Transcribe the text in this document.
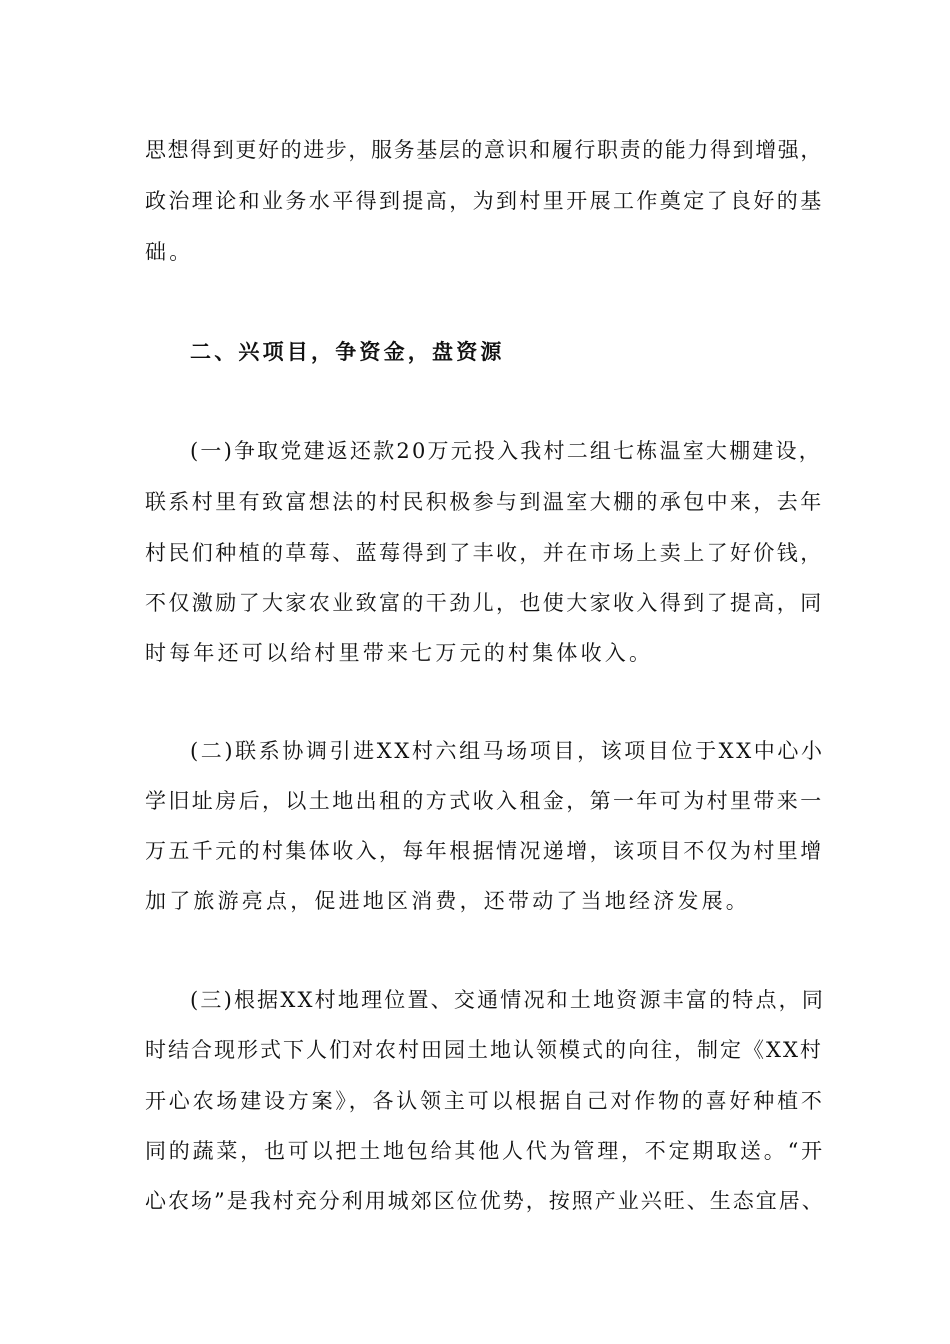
思想得到更好的进步，服务基层的意识和履行职责的能力得到增强，
政治理论和业务水平得到提高，为到村里开展工作奠定了良好的基
础。
二、兴项目，争资金，盘资源
(一)争取党建返还款20万元投入我村二组七栋温室大棚建设，
联系村里有致富想法的村民积极参与到温室大棚的承包中来，去年
村民们种植的草莓、蓝莓得到了丰收，并在市场上卖上了好价钱，
不仅激励了大家农业致富的干劲儿，也使大家收入得到了提高，同
时每年还可以给村里带来七万元的村集体收入。
(二)联系协调引进XX村六组马场项目，该项目位于XX中心小
学旧址房后，以土地出租的方式收入租金，第一年可为村里带来一
万五千元的村集体收入，每年根据情况递增，该项目不仅为村里增
加了旅游亮点，促进地区消费，还带动了当地经济发展。
(三)根据XX村地理位置、交通情况和土地资源丰富的特点，同
时结合现形式下人们对农村田园土地认领模式的向往，制定《XX村
开心农场建设方案》，各认领主可以根据自己对作物的喜好种植不
同的蔬菜，也可以把土地包给其他人代为管理，不定期取送。“开
心农场”是我村充分利用城郊区位优势，按照产业兴旺、生态宜居、
